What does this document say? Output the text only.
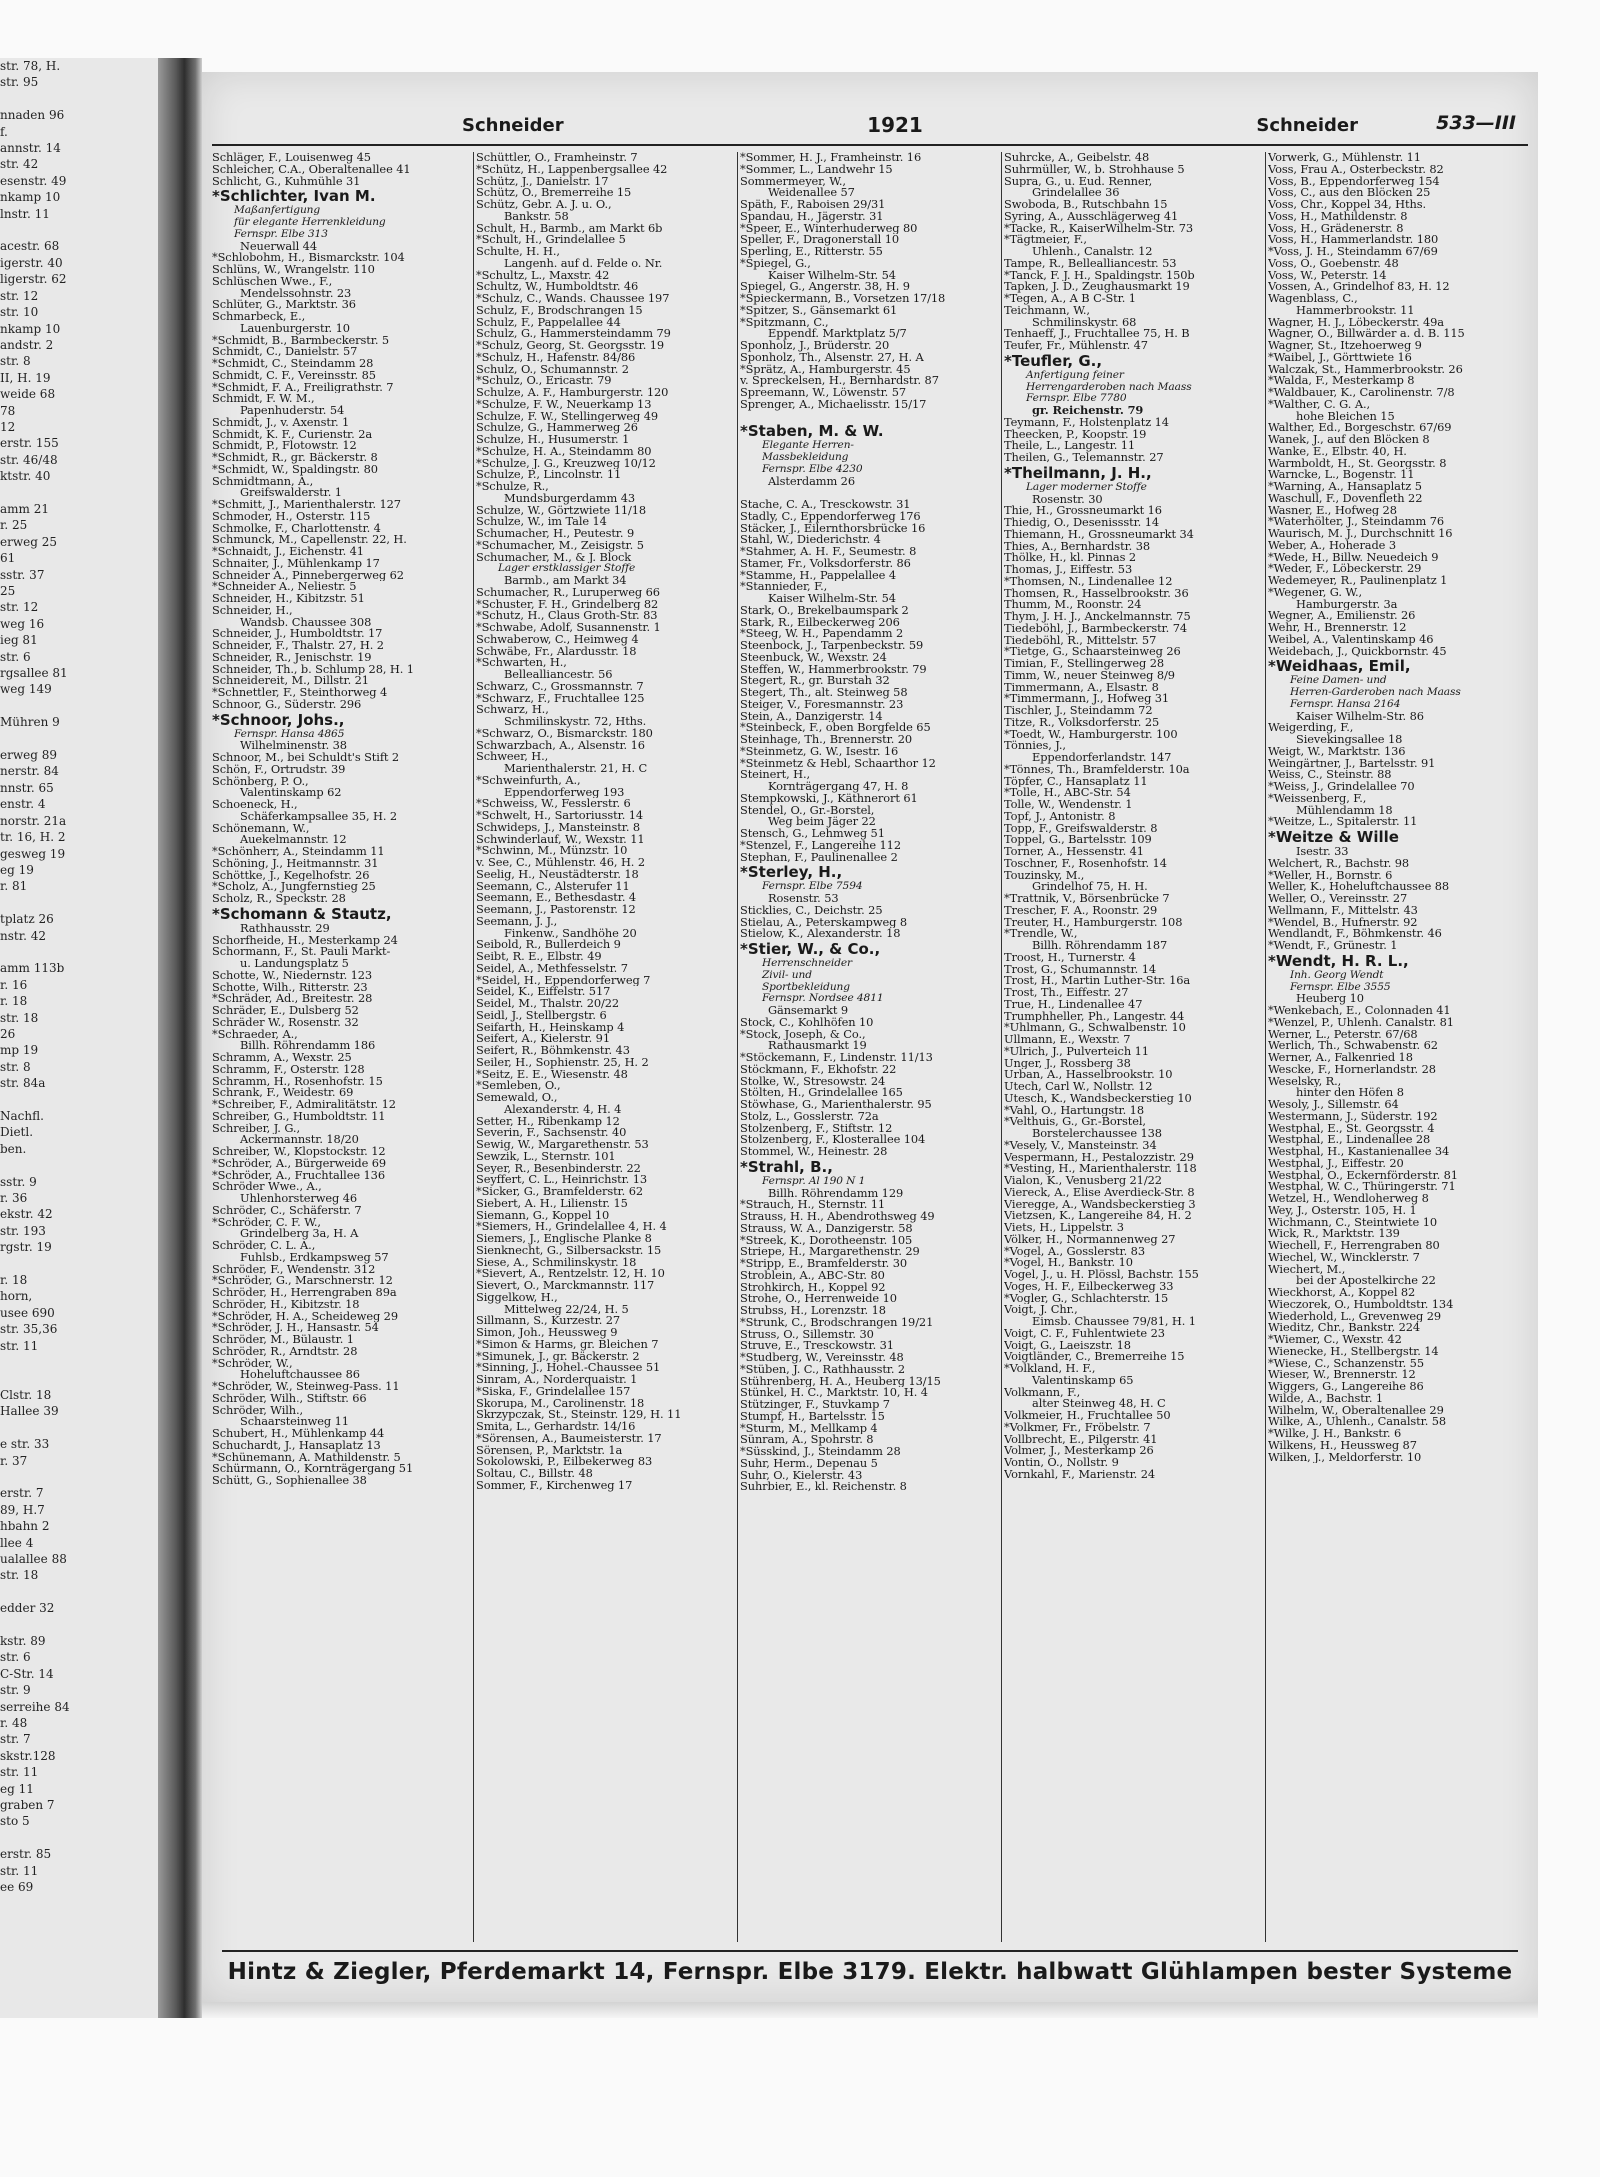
str. 78, H.
str. 95

nnaden 96
f.
annstr. 14
str. 42
esenstr. 49
nkamp 10
lnstr. 11

acestr. 68
igerstr. 40
ligerstr. 62
str. 12
str. 10
nkamp 10
andstr. 2
str. 8
II, H. 19
weide 68
78
12
erstr. 155
str. 46/48
ktstr. 40

amm 21
r. 25
erweg 25
61
sstr. 37
25
str. 12
weg 16
ieg 81
str. 6
rgsallee 81
weg 149

Mühren 9

erweg 89
nerstr. 84
nnstr. 65
enstr. 4
norstr. 21a
tr. 16, H. 2
gesweg 19
eg 19
r. 81

tplatz 26
nstr. 42

amm 113b
r. 16
r. 18
str. 18
26
mp 19
str. 8
str. 84a

Nachfl.
Dietl.
ben.

sstr. 9
r. 36
ekstr. 42
str. 193
rgstr. 19

r. 18
horn,
usee 690
str. 35,36
str. 11

Clstr. 18
Hallee 39

e str. 33
r. 37

erstr. 7
89, H.7
hbahn 2
llee 4
ualallee 88
str. 18

edder 32

kstr. 89
str. 6
C-Str. 14
str. 9
serreihe 84
r. 48
str. 7
skstr.128
str. 11
eg 11
graben 7
sto 5

erstr. 85
str. 11
ee 69
Schneider	1921	Schneider	533—III
Schläger, F., Louisenweg 45
Schleicher, C.A., Oberaltenallee 41
Schlicht, G., Kuhmühle 31
*Schlichter, Ivan M.
Maßanfertigung
für elegante Herrenkleidung
Fernspr. Elbe 313
Neuerwall 44
*Schlobohm, H., Bismarckstr. 104
Schlüns, W., Wrangelstr. 110
Schlüschen Wwe., F.,
Mendelssohnstr. 23
Schlüter, G., Marktstr. 36
Schmarbeck, E.,
Lauenburgerstr. 10
*Schmidt, B., Barmbeckerstr. 5
Schmidt, C., Danielstr. 57
*Schmidt, C., Steindamm 28
Schmidt, C. F., Vereinsstr. 85
*Schmidt, F. A., Freiligrathstr. 7
Schmidt, F. W. M.,
Papenhuderstr. 54
Schmidt, J., v. Axenstr. 1
Schmidt, K. F., Curienstr. 2a
Schmidt, P., Flotowstr. 12
*Schmidt, R., gr. Bäckerstr. 8
*Schmidt, W., Spaldingstr. 80
Schmidtmann, A.,
Greifswalderstr. 1
*Schmitt, J., Marienthalerstr. 127
Schmoder, H., Osterstr. 115
Schmolke, F., Charlottenstr. 4
Schmunck, M., Capellenstr. 22, H.
*Schnaidt, J., Eichenstr. 41
Schnaiter, J., Mühlenkamp 17
Schneider A., Pinnebergerweg 62
*Schneider A., Neliestr. 5
Schneider, H., Kibitzstr. 51
Schneider, H.,
Wandsb. Chaussee 308
Schneider, J., Humboldtstr. 17
Schneider, F., Thalstr. 27, H. 2
Schneider, R., Jenischstr. 19
Schneider, Th., b. Schlump 28, H. 1
Schneidereit, M., Dillstr. 21
*Schnettler, F., Steinthorweg 4
Schnoor, G., Süderstr. 296
*Schnoor, Johs.,
Fernspr. Hansa 4865
Wilhelminenstr. 38
Schnoor, M., bei Schuldt's Stift 2
Schön, F., Ortrudstr. 39
Schönberg, P. O.,
Valentinskamp 62
Schoeneck, H.,
Schäferkampsallee 35, H. 2
Schönemann, W.,
Auekelmannstr. 12
*Schönherr, A., Steindamm 11
Schöning, J., Heitmannstr. 31
Schöttke, J., Kegelhofstr. 26
*Scholz, A., Jungfernstieg 25
Scholz, R., Speckstr. 28
*Schomann & Stautz,
Rathhausstr. 29
Schorfheide, H., Mesterkamp 24
Schormann, F., St. Pauli Markt-
u. Landungsplatz 5
Schotte, W., Niedernstr. 123
Schotte, Wilh., Ritterstr. 23
*Schräder, Ad., Breitestr. 28
Schräder, E., Dulsberg 52
Schräder W., Rosenstr. 32
*Schraeder, A.,
Billh. Röhrendamm 186
Schramm, A., Wexstr. 25
Schramm, F., Osterstr. 128
Schramm, H., Rosenhofstr. 15
Schrank, F., Weidestr. 69
*Schreiber, F., Admiralitätstr. 12
Schreiber, G., Humboldtstr. 11
Schreiber, J. G.,
Ackermannstr. 18/20
Schreiber, W., Klopstockstr. 12
*Schröder, A., Bürgerweide 69
*Schröder, A., Fruchtallee 136
Schröder Wwe., A.,
Uhlenhorsterweg 46
Schröder, C., Schäferstr. 7
*Schröder, C. F. W.,
Grindelberg 3a, H. A
Schröder, C. L. A.,
Fuhlsb., Erdkampsweg 57
Schröder, F., Wendenstr. 312
*Schröder, G., Marschnerstr. 12
Schröder, H., Herrengraben 89a
Schröder, H., Kibitzstr. 18
*Schröder, H. A., Scheideweg 29
*Schröder, J. H., Hansastr. 54
Schröder, M., Bülaustr. 1
Schröder, R., Arndtstr. 28
*Schröder, W.,
Hoheluftchaussee 86
*Schröder, W., Steinweg-Pass. 11
Schröder, Wilh., Stiftstr. 66
Schröder, Wilh.,
Schaarsteinweg 11
Schubert, H., Mühlenkamp 44
Schuchardt, J., Hansaplatz 13
*Schünemann, A. Mathildenstr. 5
Schürmann, O., Kornträgergang 51
Schütt, G., Sophienallee 38
Schüttler, O., Framheinstr. 7
*Schütz, H., Lappenbergsallee 42
Schütz, J., Danielstr. 17
Schütz, O., Bremerreihe 15
Schütz, Gebr. A. J. u. O.,
Bankstr. 58
Schult, H., Barmb., am Markt 6b
*Schult, H., Grindelallee 5
Schulte, H. H.,
Langenh. auf d. Felde o. Nr.
*Schultz, L., Maxstr. 42
Schultz, W., Humboldtstr. 46
*Schulz, C., Wands. Chaussee 197
Schulz, F., Brodschrangen 15
Schulz, F., Pappelallee 44
Schulz, G., Hammersteindamm 79
*Schulz, Georg, St. Georgsstr. 19
*Schulz, H., Hafenstr. 84/86
Schulz, O., Schumannstr. 2
*Schulz, O., Ericastr. 79
Schulze, A. F., Hamburgerstr. 120
*Schulze, F. W., Neuerkamp 13
Schulze, F. W., Stellingerweg 49
Schulze, G., Hammerweg 26
Schulze, H., Husumerstr. 1
*Schulze, H. A., Steindamm 80
*Schulze, J. G., Kreuzweg 10/12
Schulze, P., Lincolnstr. 11
*Schulze, R.,
Mundsburgerdamm 43
Schulze, W., Görtzwiete 11/18
Schulze, W., im Tale 14
Schumacher, H., Peutestr. 9
*Schumacher, M., Zeisigstr. 5
Schumacher, M., & J. Block
Lager erstklassiger Stoffe
Barmb., am Markt 34
Schumacher, R., Luruperweg 66
*Schuster, F. H., Grindelberg 82
*Schutz, H., Claus Groth-Str. 83
*Schwabe, Adolf, Susannenstr. 1
Schwaberow, C., Heimweg 4
Schwäbe, Fr., Alardusstr. 18
*Schwarten, H.,
Bellealliancestr. 56
Schwarz, C., Grossmannstr. 7
*Schwarz, F., Fruchtallee 125
Schwarz, H.,
Schmilinskystr. 72, Hths.
*Schwarz, O., Bismarckstr. 180
Schwarzbach, A., Alsenstr. 16
Schweer, H.,
Marienthalerstr. 21, H. C
*Schweinfurth, A.,
Eppendorferweg 193
*Schweiss, W., Fesslerstr. 6
*Schwelt, H., Sartoriusstr. 14
Schwideps, J., Mansteinstr. 8
Schwinderlauf, W., Wexstr. 11
*Schwinn, M., Münzstr. 10
v. See, C., Mühlenstr. 46, H. 2
Seelig, H., Neustädterstr. 18
Seemann, C., Alsterufer 11
Seemann, E., Bethesdastr. 4
Seemann, J., Pastorenstr. 12
Seemann, J. J.,
Finkenw., Sandhöhe 20
Seibold, R., Bullerdeich 9
Seibt, R. E., Elbstr. 49
Seidel, A., Methfesselstr. 7
*Seidel, H., Eppendorferweg 7
Seidel, K., Eiffelstr. 517
Seidel, M., Thalstr. 20/22
Seidl, J., Stellbergstr. 6
Seifarth, H., Heinskamp 4
Seifert, A., Kielerstr. 91
Seifert, R., Böhmkenstr. 43
Seiler, H., Sophienstr. 25, H. 2
*Seitz, E. E., Wiesenstr. 48
*Semleben, O.,
Semewald, O.,
Alexanderstr. 4, H. 4
Setter, H., Ribenkamp 12
Severin, F., Sachsenstr. 40
Sewig, W., Margarethenstr. 53
Sewzik, L., Sternstr. 101
Seyer, R., Besenbinderstr. 22
Seyffert, C. L., Heinrichstr. 13
*Sicker, G., Bramfelderstr. 62
Siebert, A. H., Lilienstr. 15
Siemann, G., Koppel 10
*Siemers, H., Grindelallee 4, H. 4
Siemers, J., Englische Planke 8
Sienknecht, G., Silbersackstr. 15
Siese, A., Schmilinskystr. 18
*Sievert, A., Rentzelstr. 12, H. 10
Sievert, O., Marckmannstr. 117
Siggelkow, H.,
Mittelweg 22/24, H. 5
Sillmann, S., Kurzestr. 27
Simon, Joh., Heussweg 9
*Simon & Harms, gr. Bleichen 7
*Simunek, J., gr. Bäckerstr. 2
*Sinning, J., Hohel.-Chaussee 51
Sinram, A., Norderquaistr. 1
*Siska, F., Grindelallee 157
Skorupa, M., Carolinenstr. 18
Skrzypczak, St., Steinstr. 129, H. 11
Smita, L., Gerhardstr. 14/16
*Sörensen, A., Baumeisterstr. 17
Sörensen, P., Marktstr. 1a
Sokolowski, P., Eilbekerweg 83
Soltau, C., Billstr. 48
Sommer, F., Kirchenweg 17
*Sommer, H. J., Framheinstr. 16
*Sommer, L., Landwehr 15
Sommermeyer, W.,
Weidenallee 57
Späth, F., Raboisen 29/31
Spandau, H., Jägerstr. 31
*Speer, E., Winterhuderweg 80
Speller, F., Dragonerstall 10
Sperling, E., Ritterstr. 55
*Spiegel, G.,
Kaiser Wilhelm-Str. 54
Spiegel, G., Angerstr. 38, H. 9
*Spieckermann, B., Vorsetzen 17/18
*Spitzer, S., Gänsemarkt 61
*Spitzmann, C.,
Eppendf. Marktplatz 5/7
Sponholz, J., Brüderstr. 20
Sponholz, Th., Alsenstr. 27, H. A
*Sprätz, A., Hamburgerstr. 45
v. Spreckelsen, H., Bernhardstr. 87
Spreemann, W., Löwenstr. 57
Sprenger, A., Michaelisstr. 15/17

*Staben, M. & W.
Elegante Herren-
Massbekleidung
Fernspr. Elbe 4230
Alsterdamm 26

Stache, C. A., Tresckowstr. 31
Stadly, C., Eppendorferweg 176
Stäcker, J., Eilernthorsbrücke 16
Stahl, W., Diederichstr. 4
*Stahmer, A. H. F., Seumestr. 8
Stamer, Fr., Volksdorferstr. 86
*Stamme, H., Pappelallee 4
*Stannieder, F.,
Kaiser Wilhelm-Str. 54
Stark, O., Brekelbaumspark 2
Stark, R., Eilbeckerweg 206
*Steeg, W. H., Papendamm 2
Steenbock, J., Tarpenbeckstr. 59
Steenbuck, W., Wexstr. 24
Steffen, W., Hammerbrookstr. 79
Stegert, R., gr. Burstah 32
Stegert, Th., alt. Steinweg 58
Steiger, V., Foresmannstr. 23
Stein, A., Danzigerstr. 14
*Steinbeck, F., oben Borgfelde 65
Steinhage, Th., Brennerstr. 20
*Steinmetz, G. W., Isestr. 16
*Steinmetz & Hebl, Schaarthor 12
Steinert, H.,
Kornträgergang 47, H. 8
Stempkowski, J., Käthnerort 61
Stendel, O., Gr.-Borstel,
Weg beim Jäger 22
Stensch, G., Lehmweg 51
*Stenzel, F., Langereihe 112
Stephan, F., Paulinenallee 2
*Sterley, H.,
Fernspr. Elbe 7594
Rosenstr. 53
Sticklies, C., Deichstr. 25
Stielau, A., Peterskampweg 8
Stielow, K., Alexanderstr. 18
*Stier, W., & Co.,
Herrenschneider
Zivil- und
Sportbekleidung
Fernspr. Nordsee 4811
Gänsemarkt 9
Stock, C., Kohlhöfen 10
*Stock, Joseph, & Co.,
Rathausmarkt 19
*Stöckemann, F., Lindenstr. 11/13
Stöckmann, F., Ekhofstr. 22
Stolke, W., Stresowstr. 24
Stölten, H., Grindelallee 165
Stöwhase, G., Marienthalerstr. 95
Stolz, L., Gosslerstr. 72a
Stolzenberg, F., Stiftstr. 12
Stolzenberg, F., Klosterallee 104
Stommel, W., Heinestr. 28
*Strahl, B.,
Fernspr. Al 190 N 1
Billh. Röhrendamm 129
*Strauch, H., Sternstr. 11
Strauss, H. H., Abendrothsweg 49
Strauss, W. A., Danzigerstr. 58
*Streek, K., Dorotheenstr. 105
Striepe, H., Margarethenstr. 29
*Stripp, E., Bramfelderstr. 30
Stroblein, A., ABC-Str. 80
Strohkirch, H., Koppel 92
Strohe, O., Herrenweide 10
Strubss, H., Lorenzstr. 18
*Strunk, C., Brodschrangen 19/21
Struss, O., Sillemstr. 30
Struve, E., Tresckowstr. 31
*Studberg, W., Vereinsstr. 48
*Stüben, J. C., Rathhausstr. 2
Stührenberg, H. A., Heuberg 13/15
Stünkel, H. C., Marktstr. 10, H. 4
Stützinger, F., Stuvkamp 7
Stumpf, H., Bartelsstr. 15
*Sturm, M., Mellkamp 4
Sünram, A., Spohrstr. 8
*Süsskind, J., Steindamm 28
Suhr, Herm., Depenau 5
Suhr, O., Kielerstr. 43
Suhrbier, E., kl. Reichenstr. 8
Suhrcke, A., Geibelstr. 48
Suhrmüller, W., b. Strohhause 5
Supra, G., u. Eud. Renner,
Grindelallee 36
Swoboda, B., Rutschbahn 15
Syring, A., Ausschlägerweg 41
*Tacke, R., KaiserWilhelm-Str. 73
*Tägtmeier, F.,
Uhlenh., Canalstr. 12
Tampe, R., Bellealliancestr. 53
*Tanck, F. J. H., Spaldingstr. 150b
Tapken, J. D., Zeughausmarkt 19
*Tegen, A., A B C-Str. 1
Teichmann, W.,
Schmilinskystr. 68
Tenhaeff, J., Fruchtallee 75, H. B
Teufer, Fr., Mühlenstr. 47
*Teufler, G.,
Anfertigung feiner
Herrengarderoben nach Maass
Fernspr. Elbe 7780
gr. Reichenstr. 79
Teymann, F., Holstenplatz 14
Theecken, P., Koopstr. 19
Theile, L., Langestr. 11
Theilen, G., Telemannstr. 27
*Theilmann, J. H.,
Lager moderner Stoffe
Rosenstr. 30
Thie, H., Grossneumarkt 16
Thiedig, O., Desenissstr. 14
Thiemann, H., Grossneumarkt 34
Thies, A., Bernhardstr. 38
Thölke, H., kl. Pinnas 2
Thomas, J., Eiffestr. 53
*Thomsen, N., Lindenallee 12
Thomsen, R., Hasselbrookstr. 36
Thumm, M., Roonstr. 24
Thym, J. H. J., Anckelmannstr. 75
Tiedeböhl, J., Barmbeckerstr. 74
Tiedeböhl, R., Mittelstr. 57
*Tietge, G., Schaarsteinweg 26
Timian, F., Stellingerweg 28
Timm, W., neuer Steinweg 8/9
Timmermann, A., Elsastr. 8
*Timmermann, J., Hofweg 31
Tischler, J., Steindamm 72
Titze, R., Volksdorferstr. 25
*Toedt, W., Hamburgerstr. 100
Tönnies, J.,
Eppendorferlandstr. 147
*Tönnes, Th., Bramfelderstr. 10a
Töpfer, C., Hansaplatz 11
*Tolle, H., ABC-Str. 54
Tolle, W., Wendenstr. 1
Topf, J., Antonistr. 8
Topp, F., Greifswalderstr. 8
Toppel, G., Bartelsstr. 109
Torner, A., Hessenstr. 41
Toschner, F., Rosenhofstr. 14
Touzinsky, M.,
Grindelhof 75, H. H.
*Trattnik, V., Börsenbrücke 7
Trescher, F. A., Roonstr. 29
Treuter, H., Hamburgerstr. 108
*Trendle, W.,
Billh. Röhrendamm 187
Troost, H., Turnerstr. 4
Trost, G., Schumannstr. 14
Trost, H., Martin Luther-Str. 16a
Trost, Th., Eiffestr. 27
True, H., Lindenallee 47
Trumphheller, Ph., Langestr. 44
*Uhlmann, G., Schwalbenstr. 10
Ullmann, E., Wexstr. 7
*Ulrich, J., Pulverteich 11
Unger, J., Rossberg 38
Urban, A., Hasselbrookstr. 10
Utech, Carl W., Nollstr. 12
Utesch, K., Wandsbeckerstieg 10
*Vahl, O., Hartungstr. 18
*Velthuis, G., Gr.-Borstel,
Borstelerchaussee 138
*Vesely, V., Mansteinstr. 34
Vespermann, H., Pestalozzistr. 29
*Vesting, H., Marienthalerstr. 118
Vialon, K., Venusberg 21/22
Viereck, A., Elise Averdieck-Str. 8
Vieregge, A., Wandsbeckerstieg 3
Vietzsen, K., Langereihe 84, H. 2
Viets, H., Lippelstr. 3
Völker, H., Normannenweg 27
*Vogel, A., Gosslerstr. 83
*Vogel, H., Bankstr. 10
Vogel, J., u. H. Plössl, Bachstr. 155
Voges, H. F., Eilbeckerweg 33
*Vogler, G., Schlachterstr. 15
Voigt, J. Chr.,
Eimsb. Chaussee 79/81, H. 1
Voigt, C. F., Fuhlentwiete 23
Voigt, G., Laeiszstr. 18
Voigtländer, C., Bremerreihe 15
*Volkland, H. F.,
Valentinskamp 65
Volkmann, F.,
alter Steinweg 48, H. C
Volkmeier, H., Fruchtallee 50
*Volkmer, Fr., Fröbelstr. 7
Vollbrecht, E., Pilgerstr. 41
Volmer, J., Mesterkamp 26
Vontin, O., Nollstr. 9
Vornkahl, F., Marienstr. 24
Vorwerk, G., Mühlenstr. 11
Voss, Frau A., Osterbeckstr. 82
Voss, B., Eppendorferweg 154
Voss, C., aus den Blöcken 25
Voss, Chr., Koppel 34, Hths.
Voss, H., Mathildenstr. 8
Voss, H., Grädenerstr. 8
Voss, H., Hammerlandstr. 180
*Voss, J. H., Steindamm 67/69
Voss, O., Goebenstr. 48
Voss, W., Peterstr. 14
Vossen, A., Grindelhof 83, H. 12
Wagenblass, C.,
Hammerbrookstr. 11
Wagner, H. J., Löbeckerstr. 49a
Wagner, O., Billwärder a. d. B. 115
Wagner, St., Itzehoerweg 9
*Waibel, J., Görttwiete 16
Walczak, St., Hammerbrookstr. 26
*Walda, F., Mesterkamp 8
*Waldbauer, K., Carolinenstr. 7/8
*Walther, C. G. A.,
hohe Bleichen 15
Walther, Ed., Borgeschstr. 67/69
Wanek, J., auf den Blöcken 8
Wanke, E., Elbstr. 40, H.
Warmboldt, H., St. Georgsstr. 8
Warncke, L., Bogenstr. 11
*Warning, A., Hansaplatz 5
Waschull, F., Dovenfleth 22
Wasner, E., Hofweg 28
*Waterhölter, J., Steindamm 76
Waurisch, M. J., Durchschnitt 16
Weber, A., Hoherade 3
*Wede, H., Billw. Neuedeich 9
*Weder, F., Löbeckerstr. 29
Wedemeyer, R., Paulinenplatz 1
*Wegener, G. W.,
Hamburgerstr. 3a
Wegner, A., Emilienstr. 26
Wehr, H., Brennerstr. 12
Weibel, A., Valentinskamp 46
Weidebach, J., Quickbornstr. 45
*Weidhaas, Emil,
Feine Damen- und
Herren-Garderoben nach Maass
Fernspr. Hansa 2164
Kaiser Wilhelm-Str. 86
Weigerding, F.,
Sievekingsallee 18
Weigt, W., Marktstr. 136
Weingärtner, J., Bartelsstr. 91
Weiss, C., Steinstr. 88
*Weiss, J., Grindelallee 70
*Weissenberg, F.,
Mühlendamm 18
*Weitze, L., Spitalerstr. 11
*Weitze & Wille
Isestr. 33
Welchert, R., Bachstr. 98
*Weller, H., Bornstr. 6
Weller, K., Hoheluftchaussee 88
Weller, O., Vereinsstr. 27
Wellmann, F., Mittelstr. 43
*Wendel, B., Hufnerstr. 92
Wendlandt, F., Böhmkenstr. 46
*Wendt, F., Grünestr. 1
*Wendt, H. R. L.,
Inh. Georg Wendt
Fernspr. Elbe 3555
Heuberg 10
*Wenkebach, E., Colonnaden 41
*Wenzel, P., Uhlenh. Canalstr. 81
Werner, L., Peterstr. 67/68
Werlich, Th., Schwabenstr. 62
Werner, A., Falkenried 18
Wescke, F., Hornerlandstr. 28
Weselsky, R.,
hinter den Höfen 8
Wesoly, J., Sillemstr. 64
Westermann, J., Süderstr. 192
Westphal, E., St. Georgsstr. 4
Westphal, E., Lindenallee 28
Westphal, H., Kastanienallee 34
Westphal, J., Eiffestr. 20
Westphal, O., Eckernförderstr. 81
Westphal, W. C., Thüringerstr. 71
Wetzel, H., Wendloherweg 8
Wey, J., Osterstr. 105, H. 1
Wichmann, C., Steintwiete 10
Wick, R., Marktstr. 139
Wiechell, F., Herrengraben 80
Wiechel, W., Wincklerstr. 7
Wiechert, M.,
bei der Apostelkirche 22
Wieckhorst, A., Koppel 82
Wieczorek, O., Humboldtstr. 134
Wiederhold, L., Grevenweg 29
Wieditz, Chr., Bankstr. 224
*Wiemer, C., Wexstr. 42
Wienecke, H., Stellbergstr. 14
*Wiese, C., Schanzenstr. 55
Wieser, W., Brennerstr. 12
Wiggers, G., Langereihe 86
Wilde, A., Bachstr. 1
Wilhelm, W., Oberaltenallee 29
Wilke, A., Uhlenh., Canalstr. 58
*Wilke, J. H., Bankstr. 6
Wilkens, H., Heussweg 87
Wilken, J., Meldorferstr. 10
Hintz & Ziegler, Pferdemarkt 14, Fernspr. Elbe 3179. Elektr. halbwatt Glühlampen bester Systeme
